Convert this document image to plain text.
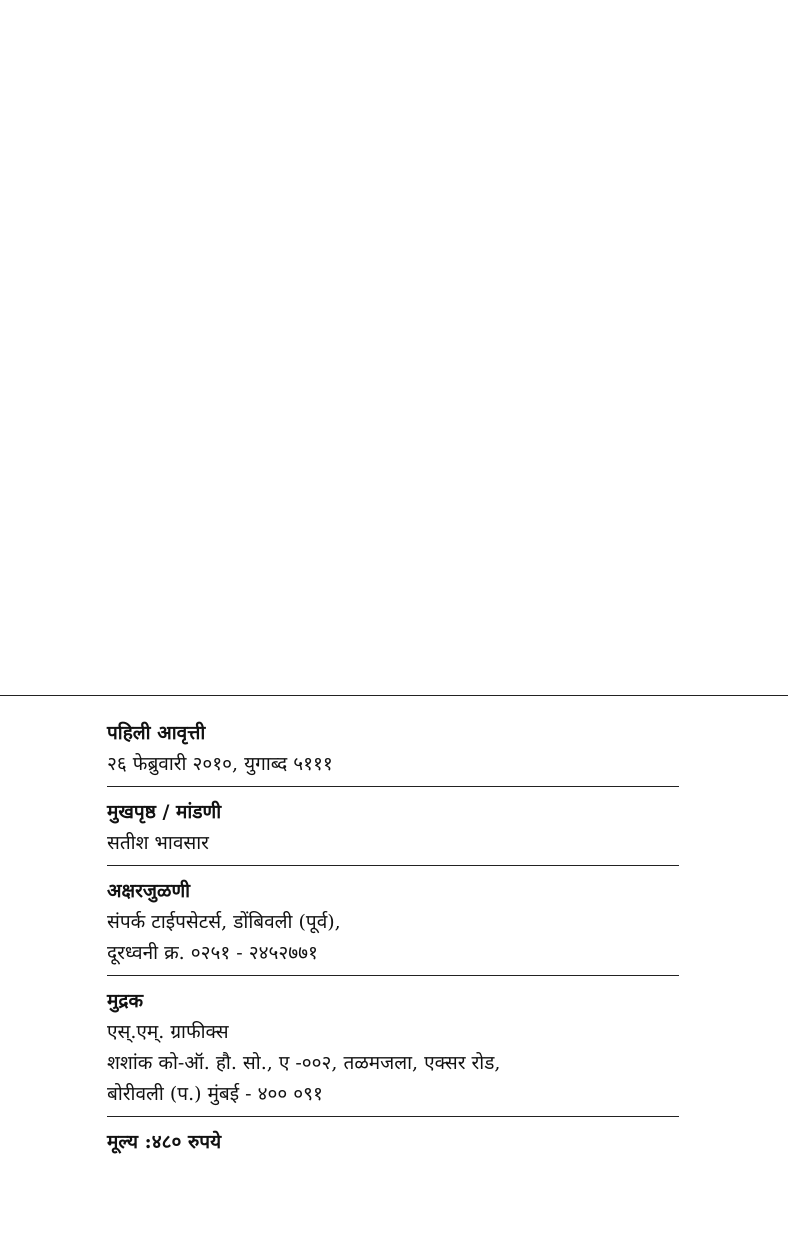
पहिली आवृत्ती
२६ फेब्रुवारी २०१०, युगाब्द ५१११
मुखपृष्ठ / मांडणी
सतीश भावसार
अक्षरजुळणी
संपर्क टाईपसेटर्स, डोंबिवली (पूर्व),
दूरध्वनी क्र. ०२५१ - २४५२७७१
मुद्रक
एस्.एम्. ग्राफीक्स
शशांक को-ऑ. हौ. सो., ए -००२, तळमजला, एक्सर रोड,
बोरीवली (प.) मुंबई - ४०० ०९१
मूल्य :४८० रुपये
